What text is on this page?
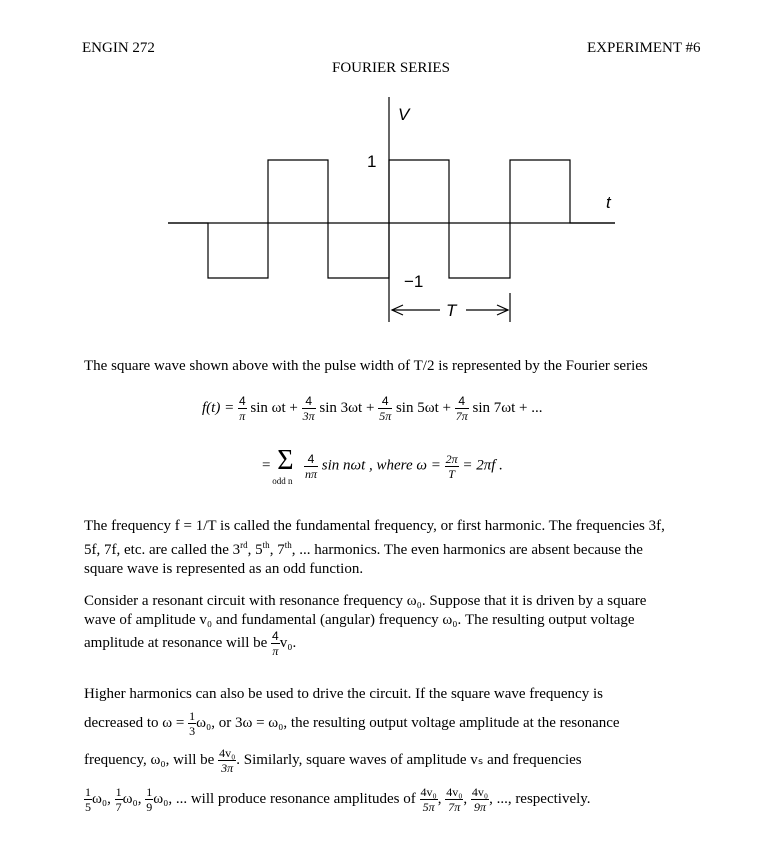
ENGIN 272	EXPERIMENT #6
FOURIER SERIES
V
1
t
−1
T
The square wave shown above with the pulse width of T/2 is represented by the Fourier series
$f(t) = \frac{4}{\pi}$ $\sin \omega t + \frac{4}{3\pi}$ $\sin 3\omega t + \frac{4}{5\pi}$ $\sin 5\omega t + \frac{4}{7\pi}$ sin 7ωt + ...
= Σ
odd n

$\frac{4}{n\pi}$ sin nωt , where $\omega = \frac{2\pi}{T} = 2\pi f$ .
The frequency f = 1/T is called the fundamental frequency, or first harmonic. The frequencies 3f,
5f, 7f, etc. are called the 3rd, 5th, 7th, ... harmonics. The even harmonics are absent because the
square wave is represented as an odd function.
Consider a resonant circuit with resonance frequency ω₀. Suppose that it is driven by a square
wave of amplitude v₀ and fundamental (angular) frequency ω₀. The resulting output voltage
amplitude at resonance will be $\frac{4}{\pi} v_0$.
Higher harmonics can also be used to drive the circuit. If the square wave frequency is
decreased to $\omega = \frac{1}{3} \omega_0$, or 3ω = ω₀, the resulting output voltage amplitude at the resonance
frequency, ω₀, will be $\frac{\text{4v₀}}{3\pi}$ . Similarly, square waves of amplitude vₛ and frequencies
$\frac{1}{5} \omega_0$, $\frac{1}{7} \omega_0$, $\frac{1}{9} \omega_0$, ... will produce resonance amplitudes of $\frac{\text{4v₀}}{5\pi}$ , $\frac{\text{4v₀}}{7\pi}$ , $\frac{\text{4v₀}}{9\pi}$ , ..., respectively.
